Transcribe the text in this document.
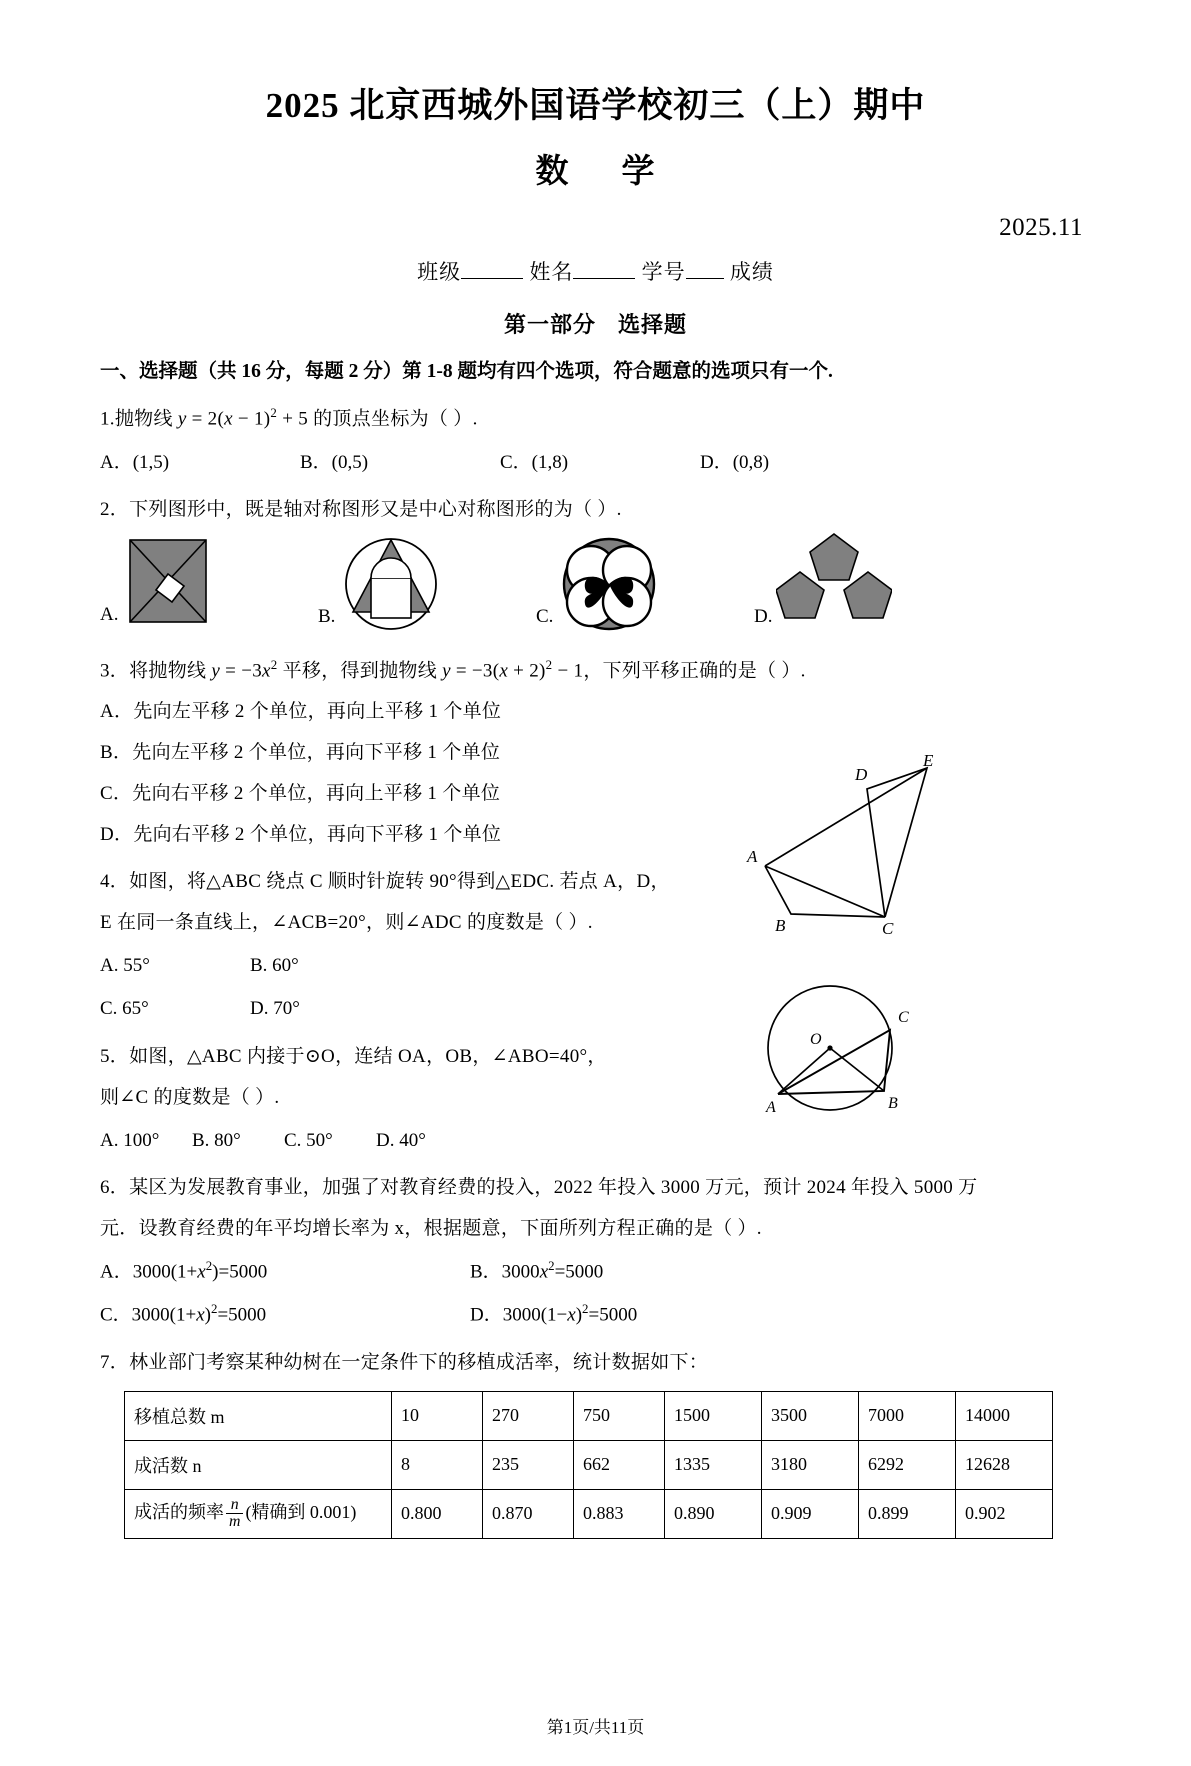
2025 北京西城外国语学校初三（上）期中
数 学
2025.11
班级	姓名	学号 成绩
第一部分 选择题
一、选择题（共 16 分，每题 2 分）第 1-8 题均有四个选项，符合题意的选项只有一个.
1.抛物线 $y = 2(x - 1)^2 + 5$ 的顶点坐标为（ ）.
A．(1,5)	B．(0,5)	C．(1,8)	D．(0,8)
2．下列图形中，既是轴对称图形又是中心对称图形的为（ ）.
A.	B.	C.	D.
3．将抛物线 $y = -3x^2$ 平移，得到抛物线 $y = -3(x + 2)^2 - 1$，下列平移正确的是（ ）.
A．先向左平移 2 个单位，再向上平移 1 个单位
B．先向左平移 2 个单位，再向下平移 1 个单位
C．先向右平移 2 个单位，再向上平移 1 个单位
D．先向右平移 2 个单位，再向下平移 1 个单位
4．如图，将△ABC 绕点 C 顺时针旋转 90°得到△EDC. 若点 A，D，
E 在同一条直线上，∠ACB=20°，则∠ADC 的度数是（ ）.
A. 55°	B. 60°
C. 65°	D. 70°
5．如图，△ABC 内接于⊙O，连结 OA，OB，∠ABO=40°，
则∠C 的度数是（ ）.
A. 100°	B. 80°	C. 50°	D. 40°
6．某区为发展教育事业，加强了对教育经费的投入，2022 年投入 3000 万元，预计 2024 年投入 5000 万
元．设教育经费的年平均增长率为 x，根据题意，下面所列方程正确的是（ ）.
A．$3000(1+x^2)=5000$	B．$3000x^2=5000$
C．$3000(1+x)^2=5000$	D．$3000(1-x)^2=5000$
7．林业部门考察某种幼树在一定条件下的移植成活率，统计数据如下：
移植总数 m	10	270	750	1500	3500	7000	14000
成活数 n	8	235	662	1335	3180	6292	12628
成活的频率 $\frac{n}{m}$ (精确到 0.001)	0.800	0.870	0.883	0.890	0.909	0.899	0.902
A
B	C
D
E
O
A	B
C
第1页/共11页
